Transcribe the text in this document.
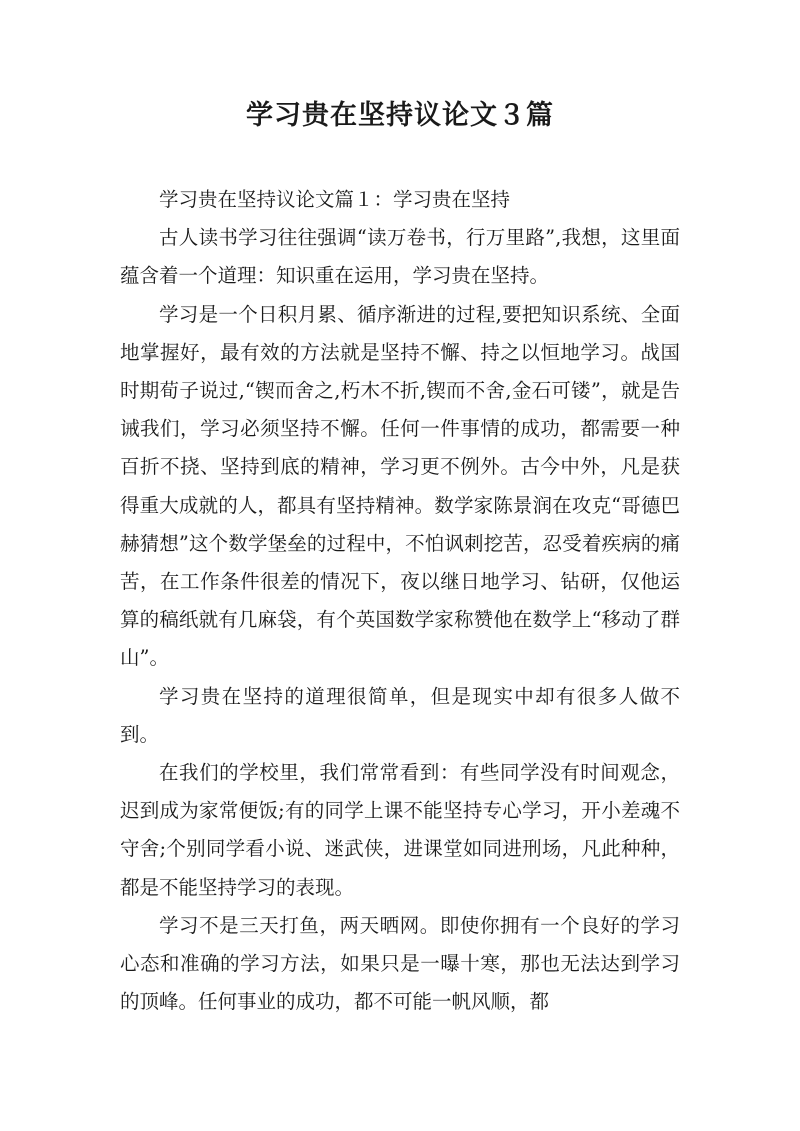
学习贵在坚持议论文３篇

学习贵在坚持议论文篇１：学习贵在坚持

古人读书学习往往强调“读万卷书，行万里路”,我想，这里面蕴含着一个道理：知识重在运用，学习贵在坚持。

学习是一个日积月累、循序渐进的过程,要把知识系统、全面地掌握好，最有效的方法就是坚持不懈、持之以恒地学习。战国时期荀子说过,“锲而舍之,朽木不折,锲而不舍,金石可镂”，就是告诫我们，学习必须坚持不懈。任何一件事情的成功，都需要一种百折不挠、坚持到底的精神，学习更不例外。古今中外，凡是获得重大成就的人，都具有坚持精神。数学家陈景润在攻克“哥德巴赫猜想”这个数学堡垒的过程中，不怕讽刺挖苦，忍受着疾病的痛苦，在工作条件很差的情况下，夜以继日地学习、钻研，仅他运算的稿纸就有几麻袋，有个英国数学家称赞他在数学上“移动了群山”。

学习贵在坚持的道理很简单，但是现实中却有很多人做不到。

在我们的学校里，我们常常看到：有些同学没有时间观念，迟到成为家常便饭;有的同学上课不能坚持专心学习，开小差魂不守舍;个别同学看小说、迷武侠，进课堂如同进刑场，凡此种种，都是不能坚持学习的表现。

学习不是三天打鱼，两天晒网。即使你拥有一个良好的学习心态和准确的学习方法，如果只是一曝十寒，那也无法达到学习的顶峰。任何事业的成功，都不可能一帆风顺，都
